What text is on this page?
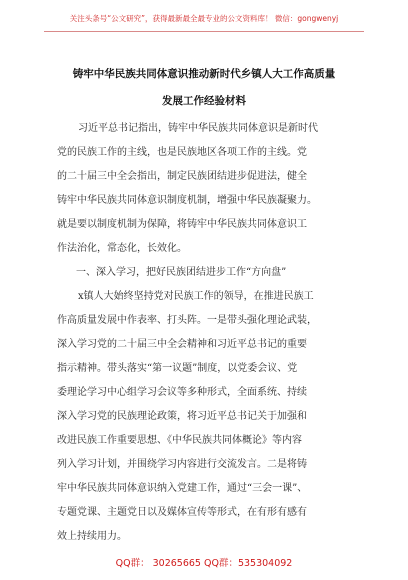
关注头条号“公文研究”，获得最新最全最专业的公文资料库！ 微信：gongwenyj
铸牢中华民族共同体意识推动新时代乡镇人大工作高质量
发展工作经验材料
习近平总书记指出，铸牢中华民族共同体意识是新时代
党的民族工作的主线，也是民族地区各项工作的主线。党
的二十届三中全会指出，制定民族团结进步促进法，健全
铸牢中华民族共同体意识制度机制，增强中华民族凝聚力。
就是要以制度机制为保障，将铸牢中华民族共同体意识工
作法治化，常态化，长效化。
一、深入学习，把好民族团结进步工作“方向盘”
x镇人大始终坚持党对民族工作的领导，在推进民族工
作高质量发展中作表率、打头阵。一是带头强化理论武装，
深入学习党的二十届三中全会精神和习近平总书记的重要
指示精神。带头落实“第一议题”制度，以党委会议、党
委理论学习中心组学习会议等多种形式，全面系统、持续
深入学习党的民族理论政策，将习近平总书记关于加强和
改进民族工作重要思想、《中华民族共同体概论》等内容
列入学习计划，并围绕学习内容进行交流发言。二是将铸
牢中华民族共同体意识纳入党建工作，通过“三会一课”、
专题党课、主题党日以及媒体宣传等形式，在有形有感有
效上持续用力。
QQ群： 30265665 QQ群：535304092
